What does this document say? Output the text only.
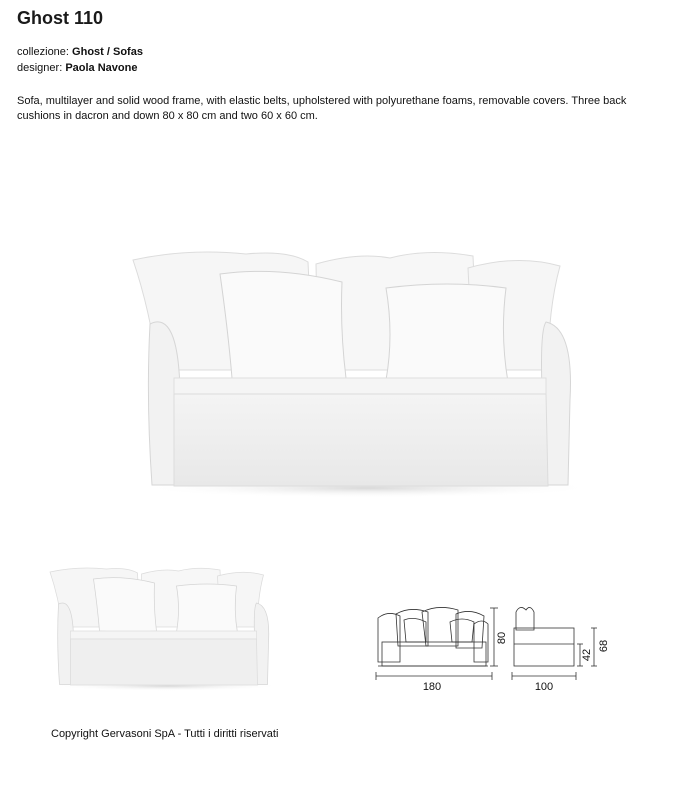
Ghost 110
collezione: Ghost / Sofas
designer: Paola Navone
Sofa, multilayer and solid wood frame, with elastic belts, upholstered with polyurethane foams, removable covers. Three back
cushions in dacron and down 80 x 80 cm and two 60 x 60 cm.
180
80
100
42
68
Copyright Gervasoni SpA - Tutti i diritti riservati
